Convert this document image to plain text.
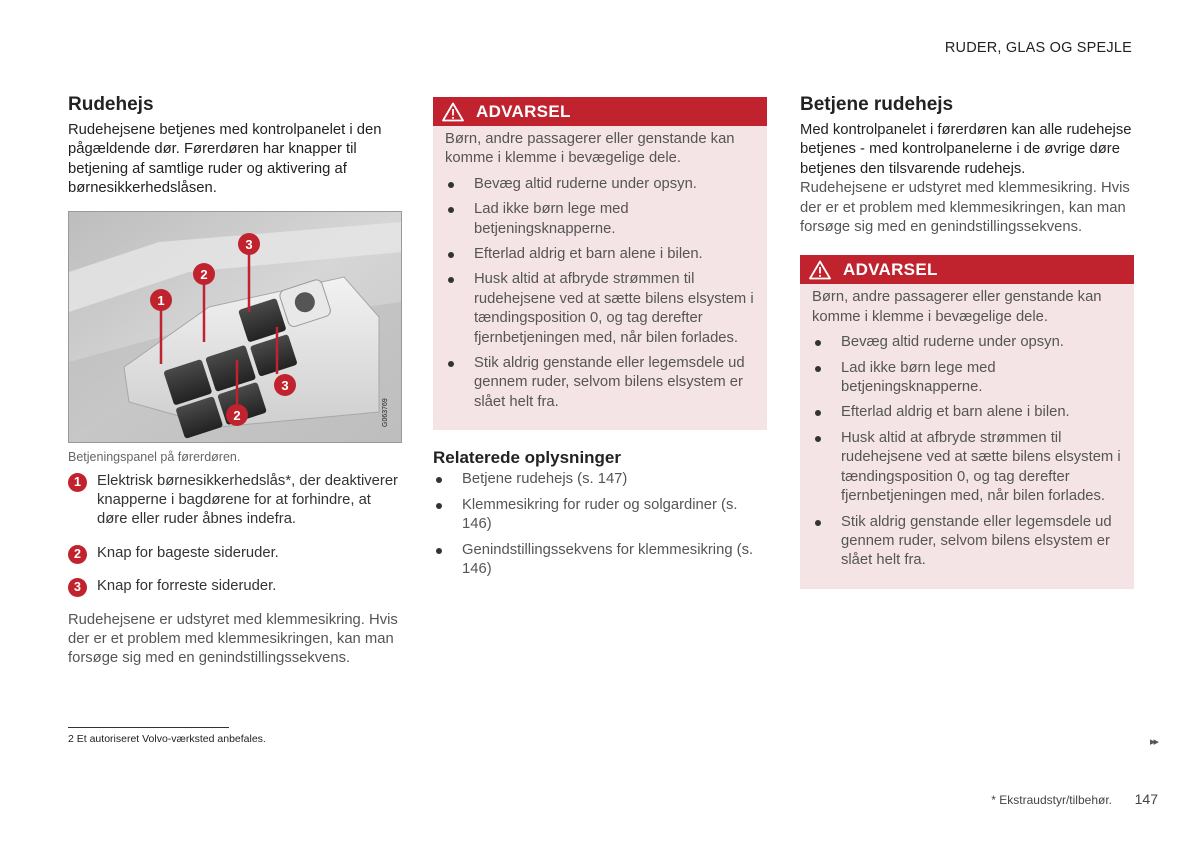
RUDER, GLAS OG SPEJLE
Rudehejs

Rudehejsene betjenes med kontrolpanelet i den pågældende dør. Førerdøren har knapper til betjening af samtlige ruder og aktivering af børnesikkerhedslåsen.

G063769
1
2
3
2
3
Betjeningspanel på førerdøren.
1	Elektrisk børnesikkerhedslås*, der deaktiverer knapperne i bagdørene for at forhindre, at døre eller ruder åbnes indefra.
2	Knap for bageste sideruder.
3	Knap for forreste sideruder.

Rudehejsene er udstyret med klemmesikring. Hvis der er et problem med klemmesikringen, kan man forsøge sig med en genindstillingssekvens.

ADVARSEL
Børn, andre passagerer eller genstande kan komme i klemme i bevægelige dele.
Bevæg altid ruderne under opsyn.
Lad ikke børn lege med betjeningsknapperne.
Efterlad aldrig et barn alene i bilen.
Husk altid at afbryde strømmen til rudehejsene ved at sætte bilens elsystem i tændingsposition 0, og tag derefter fjernbetjeningen med, når bilen forlades.
Stik aldrig genstande eller legemsdele ud gennem ruder, selvom bilens elsystem er slået helt fra.
Relaterede oplysninger
Betjene rudehejs (s. 147)
Klemmesikring for ruder og solgardiner (s. 146)
Genindstillingssekvens for klemmesikring (s. 146)
Betjene rudehejs

Med kontrolpanelet i førerdøren kan alle rudehejse betjenes - med kontrolpanelerne i de øvrige døre betjenes den tilsvarende rudehejs.

Rudehejsene er udstyret med klemmesikring. Hvis der er et problem med klemmesikringen, kan man forsøge sig med en genindstillingssekvens.

ADVARSEL
Børn, andre passagerer eller genstande kan komme i klemme i bevægelige dele.
Bevæg altid ruderne under opsyn.
Lad ikke børn lege med betjeningsknapperne.
Efterlad aldrig et barn alene i bilen.
Husk altid at afbryde strømmen til rudehejsene ved at sætte bilens elsystem i tændingsposition 0, og tag derefter fjernbetjeningen med, når bilen forlades.
Stik aldrig genstande eller legemsdele ud gennem ruder, selvom bilens elsystem er slået helt fra.
2 Et autoriseret Volvo-værksted anbefales.	▸▸
* Ekstraudstyr/tilbehør. 147
